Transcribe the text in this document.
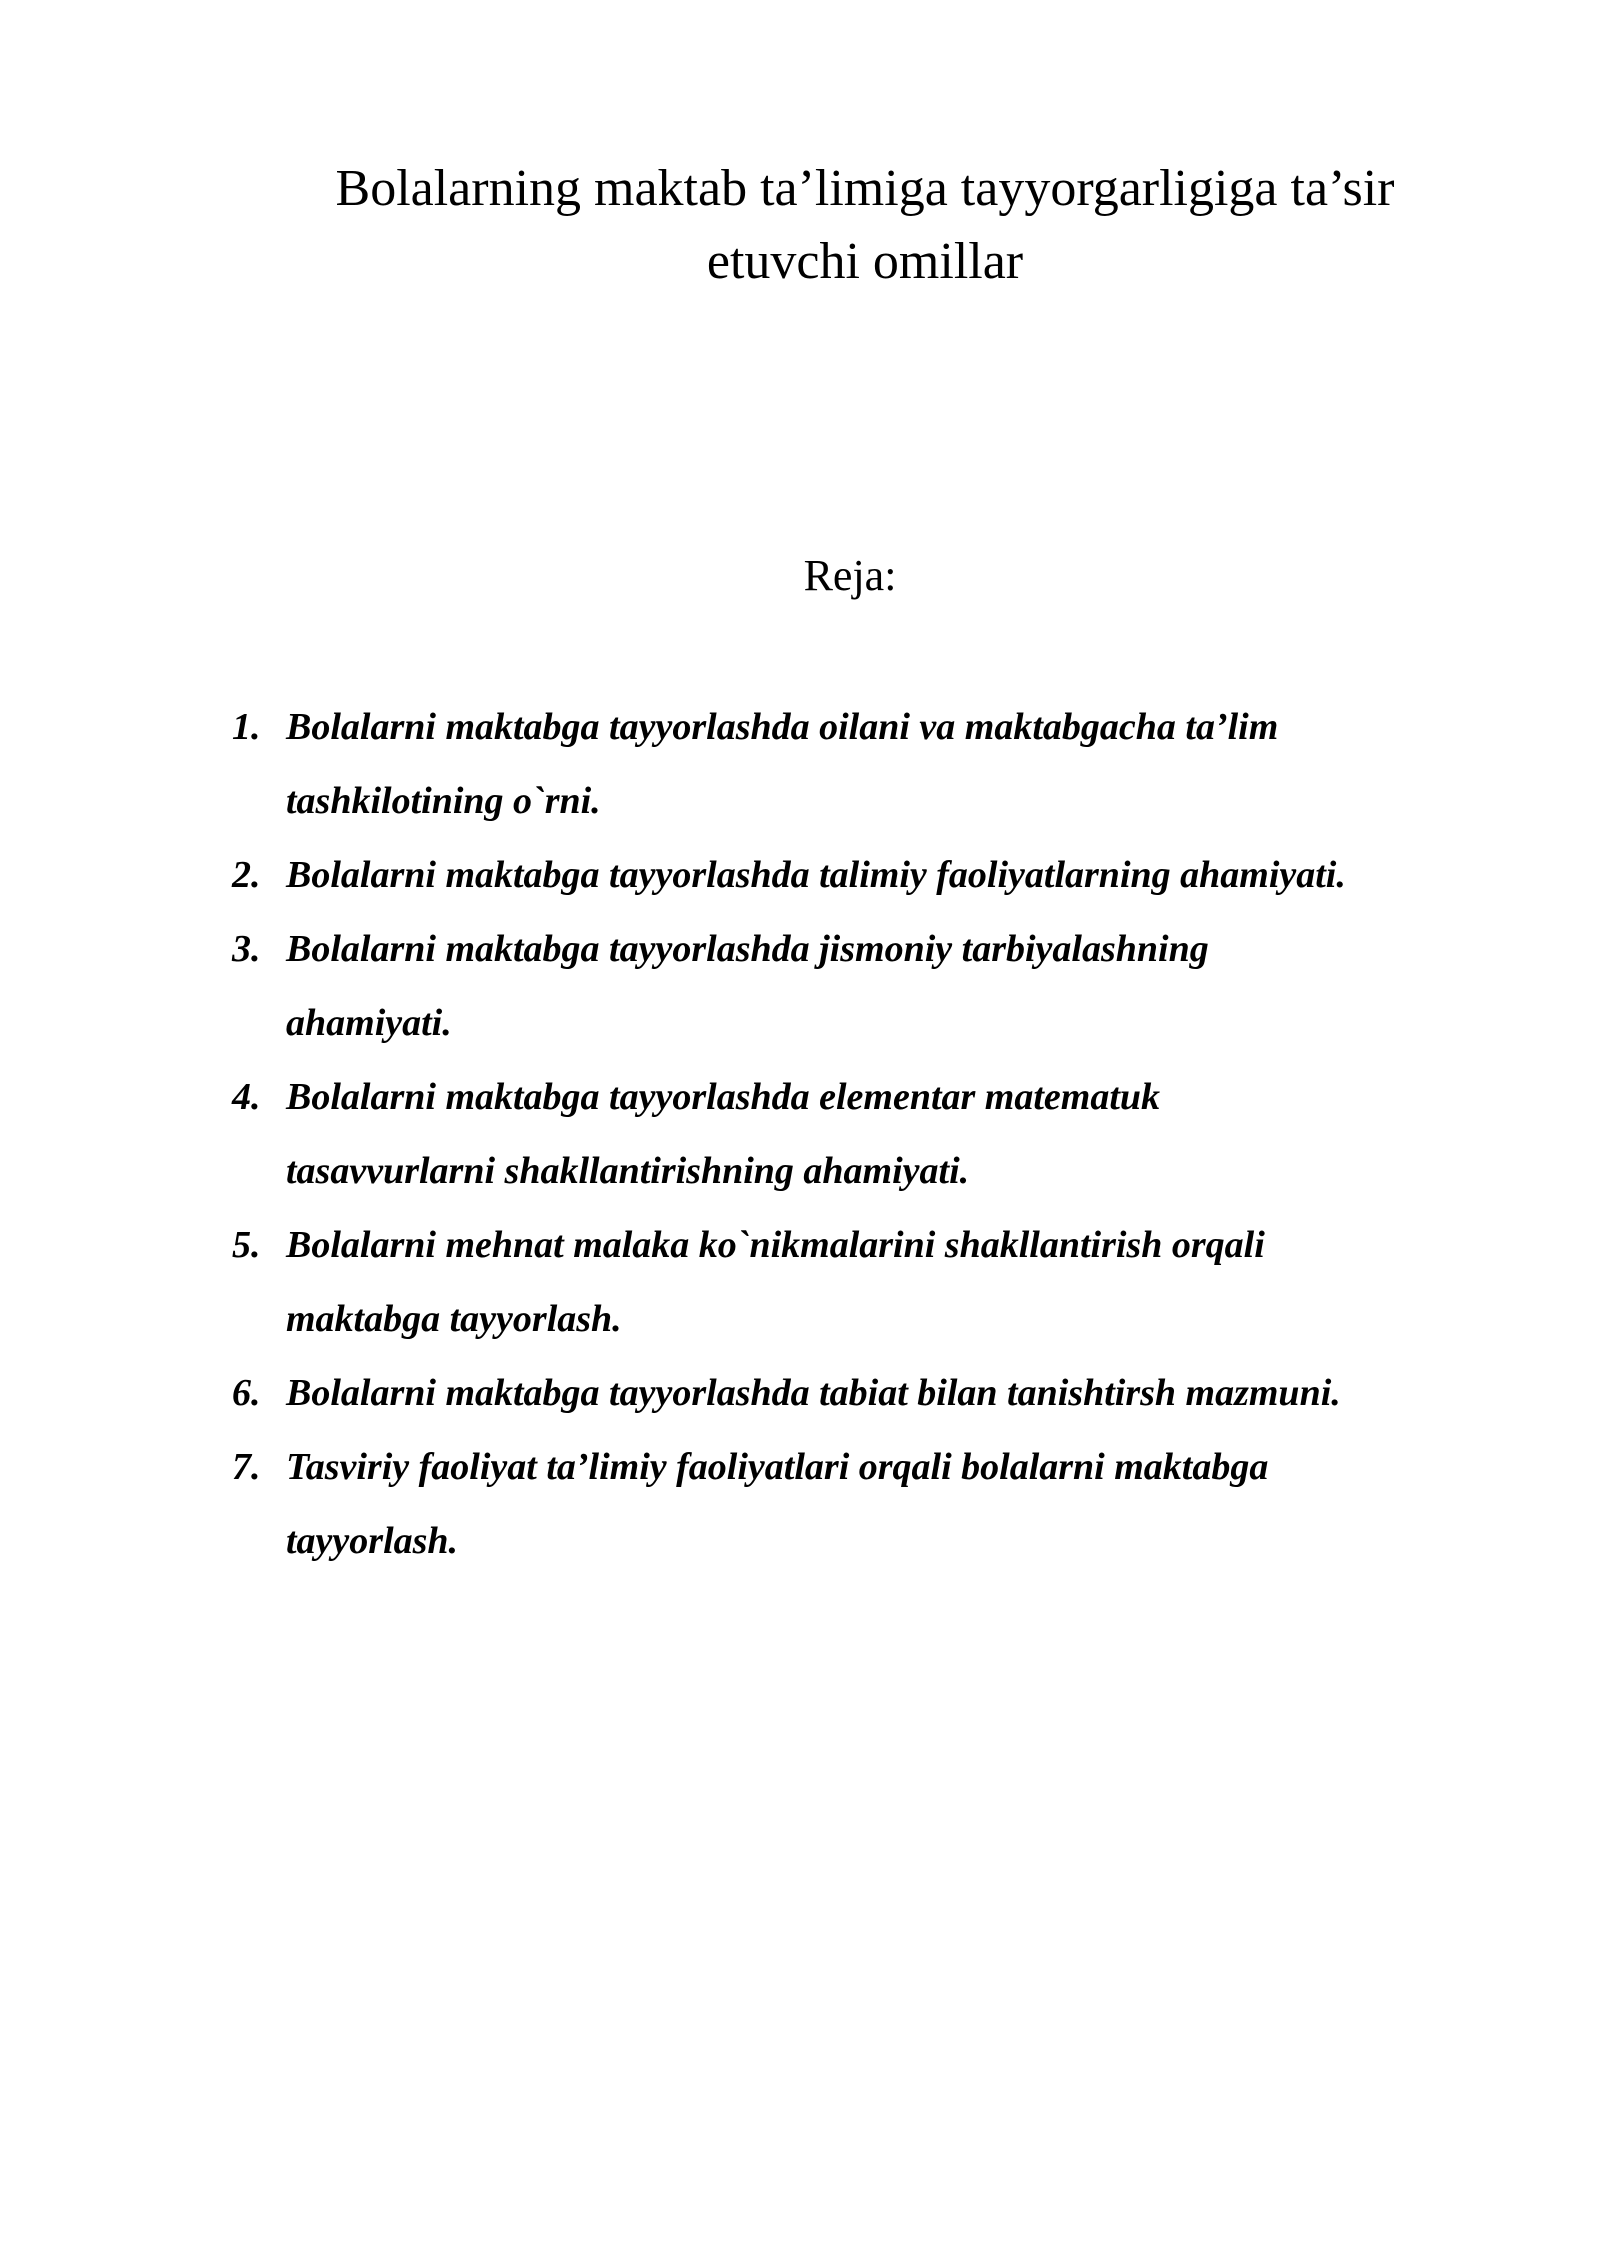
Bolalarning maktab ta’limiga tayyorgarligiga ta’sir
etuvchi omillar

Reja:

1. Bolalarni maktabga tayyorlashda oilani va maktabgacha ta’lim
tashkilotining o`rni.
2. Bolalarni maktabga tayyorlashda talimiy faoliyatlarning ahamiyati.
3. Bolalarni maktabga tayyorlashda jismoniy tarbiyalashning
ahamiyati.
4. Bolalarni maktabga tayyorlashda elementar matematuk
tasavvurlarni shakllantirishning ahamiyati.
5. Bolalarni mehnat malaka ko`nikmalarini shakllantirish orqali
maktabga tayyorlash.
6. Bolalarni maktabga tayyorlashda tabiat bilan tanishtirsh mazmuni.
7. Tasviriy faoliyat ta’limiy faoliyatlari orqali bolalarni maktabga
tayyorlash.
